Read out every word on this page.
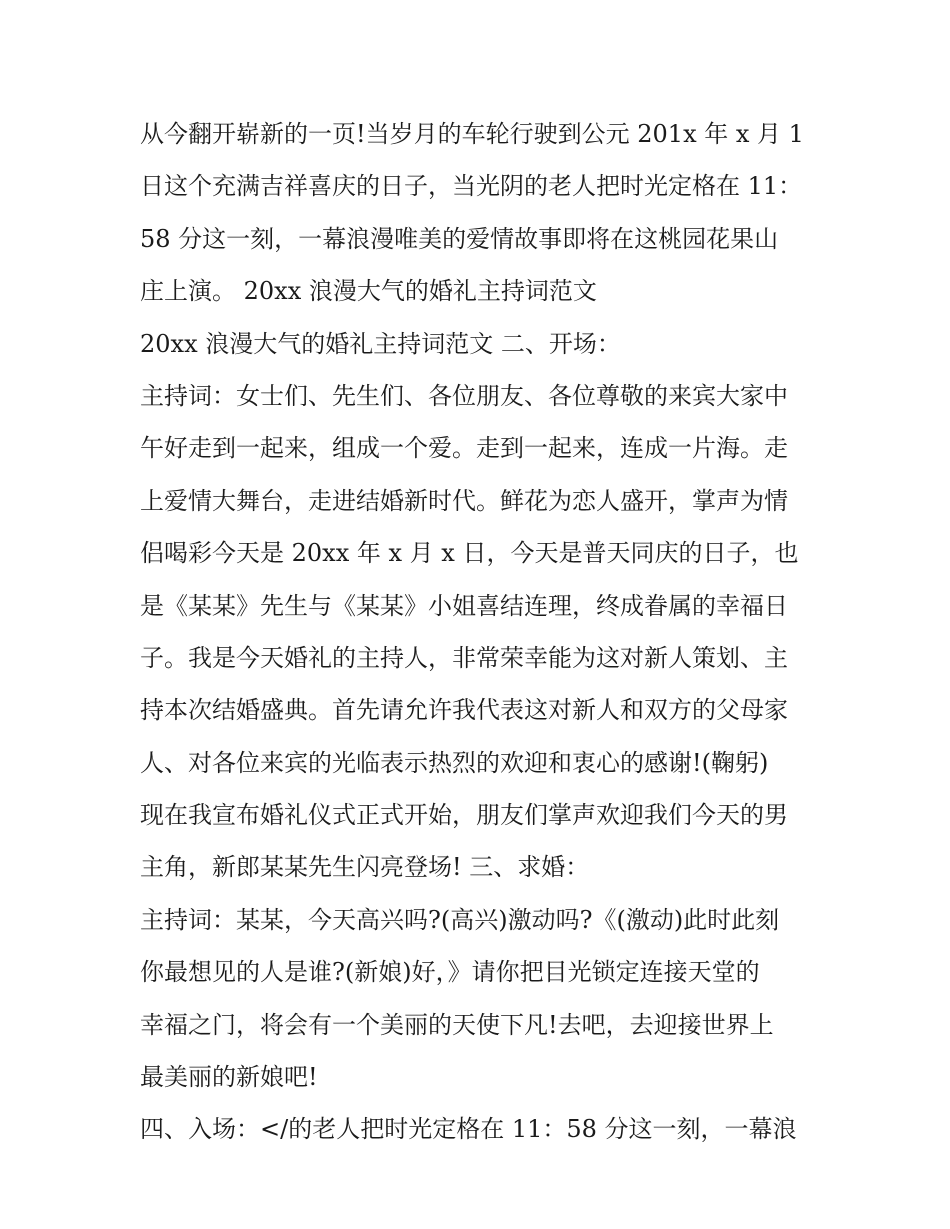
从今翻开崭新的一页!当岁月的车轮行驶到公元 201x 年 x 月 1
日这个充满吉祥喜庆的日子，当光阴的老人把时光定格在 11：
58 分这一刻，一幕浪漫唯美的爱情故事即将在这桃园花果山
庄上演。 20xx 浪漫大气的婚礼主持词范文
20xx 浪漫大气的婚礼主持词范文 二、开场：
主持词：女士们、先生们、各位朋友、各位尊敬的来宾大家中
午好走到一起来，组成一个爱。走到一起来，连成一片海。走
上爱情大舞台，走进结婚新时代。鲜花为恋人盛开，掌声为情
侣喝彩今天是 20xx 年 x 月 x 日，今天是普天同庆的日子，也
是《某某》先生与《某某》小姐喜结连理，终成眷属的幸福日
子。我是今天婚礼的主持人，非常荣幸能为这对新人策划、主
持本次结婚盛典。首先请允许我代表这对新人和双方的父母家
人、对各位来宾的光临表示热烈的欢迎和衷心的感谢!(鞠躬)
现在我宣布婚礼仪式正式开始，朋友们掌声欢迎我们今天的男
主角，新郎某某先生闪亮登场! 三、求婚：
主持词：某某，今天高兴吗?(高兴)激动吗?《(激动)此时此刻
你最想见的人是谁?(新娘)好，》请你把目光锁定连接天堂的
幸福之门，将会有一个美丽的天使下凡!去吧，去迎接世界上
最美丽的新娘吧!
四、入场：</的老人把时光定格在 11：58 分这一刻，一幕浪
